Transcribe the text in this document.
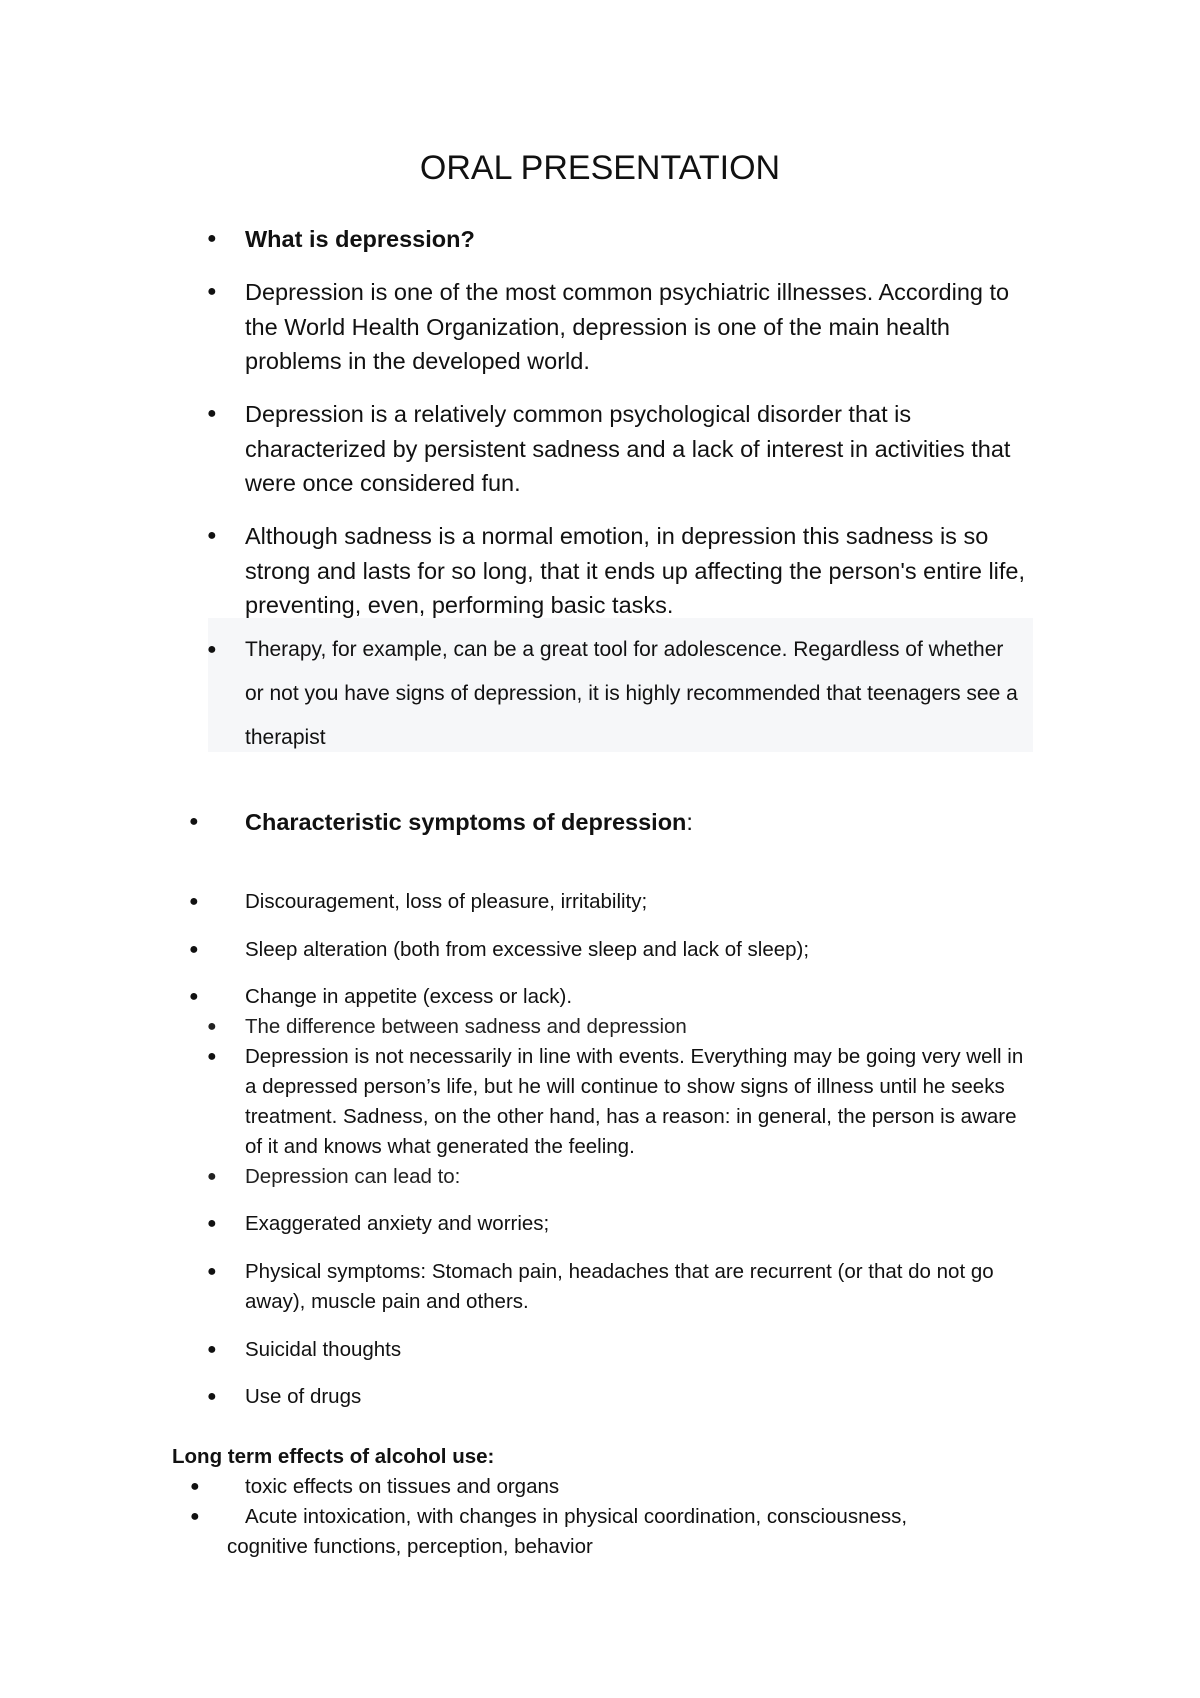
ORAL PRESENTATION
● What is depression?
● Depression is one of the most common psychiatric illnesses. According to the World Health Organization, depression is one of the main health problems in the developed world.
● Depression is a relatively common psychological disorder that is characterized by persistent sadness and a lack of interest in activities that were once considered fun.
● Although sadness is a normal emotion, in depression this sadness is so strong and lasts for so long, that it ends up affecting the person's entire life, preventing, even, performing basic tasks.
● Therapy, for example, can be a great tool for adolescence. Regardless of whether or not you have signs of depression, it is highly recommended that teenagers see a therapist
● Characteristic symptoms of depression:
● Discouragement, loss of pleasure, irritability;
● Sleep alteration (both from excessive sleep and lack of sleep);
● Change in appetite (excess or lack).
● The difference between sadness and depression
● Depression is not necessarily in line with events. Everything may be going very well in a depressed person’s life, but he will continue to show signs of illness until he seeks treatment. Sadness, on the other hand, has a reason: in general, the person is aware of it and knows what generated the feeling.
● Depression can lead to:
● Exaggerated anxiety and worries;
● Physical symptoms: Stomach pain, headaches that are recurrent (or that do not go away), muscle pain and others.
● Suicidal thoughts
● Use of drugs
Long term effects of alcohol use:
● toxic effects on tissues and organs
● Acute intoxication, with changes in physical coordination, consciousness, cognitive functions, perception, behavior
